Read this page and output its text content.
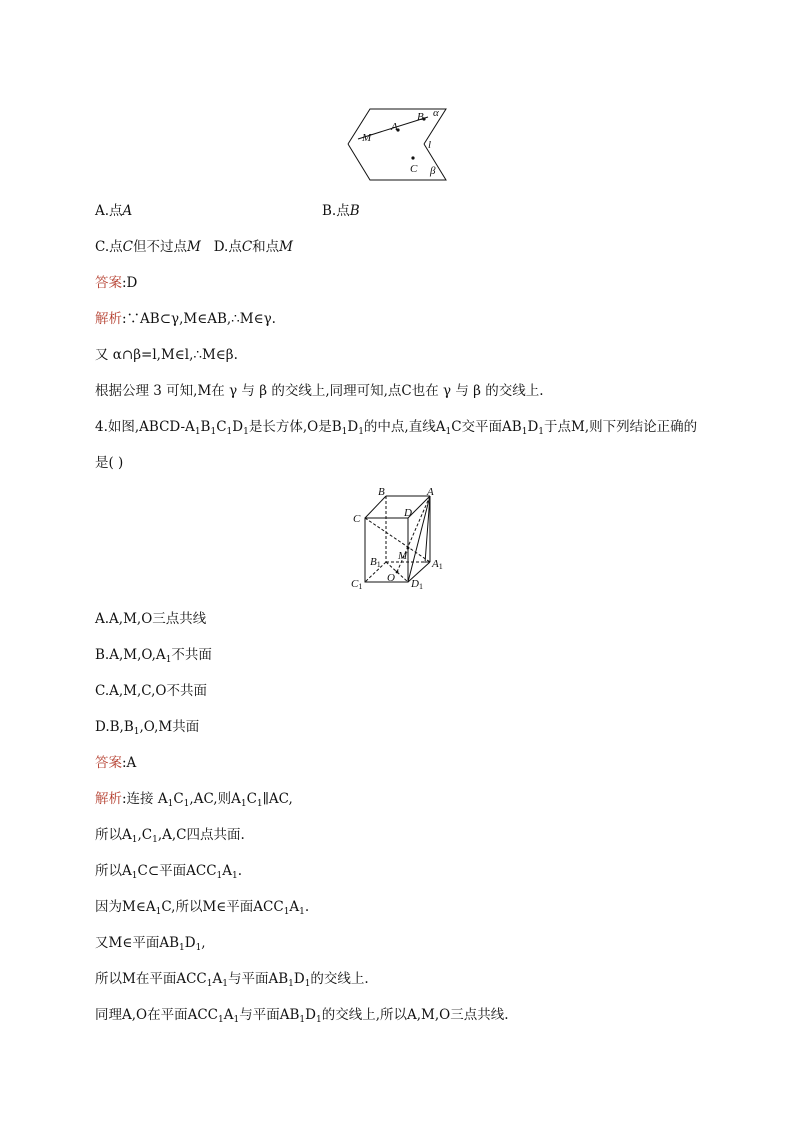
M
A
B α
l
C β
A.点A	B.点B
C.点C但不过点M D.点C和点M
答案:D
解析:∵AB⊂γ,M∈AB,∴M∈γ.
又 α∩β=l,M∈l,∴M∈β.
根据公理 3 可知,M在 γ 与 β 的交线上,同理可知,点C也在 γ 与 β 的交线上.
4.如图$,ABCD-A_1B_1C_1D_1$是长方体,O是$B_1D_1$的中点,直线$A_1C$交平面$AB_1D_1$于点M,则下列结论正确的
是( )
B	A
C	D
M
B1	A1
O
C1	D1
A.A,M,O三点共线
$B.A,M,O,A_1$不共面
C.A,M,C,O不共面
$D.B,B_1,O,M$共面
答案:A
解析:连接 $A_1C_1,AC$,则$A_1C_1\parallel AC$,
所以$A_1,C_1,A,C$四点共面.
所以$A_1C\subset$平面$ACC_1A_1$.
因为$M\in A_1C$,所以M∈平面$ACC_1A_1$.
又M∈平面$AB_1D_1$,
所以M在平面$ACC_1A_1$与平面$AB_1D_1$的交线上.
同理A,O在平面$ACC_1A_1$与平面$AB_1D_1$的交线上,所以A,M,O三点共线.
